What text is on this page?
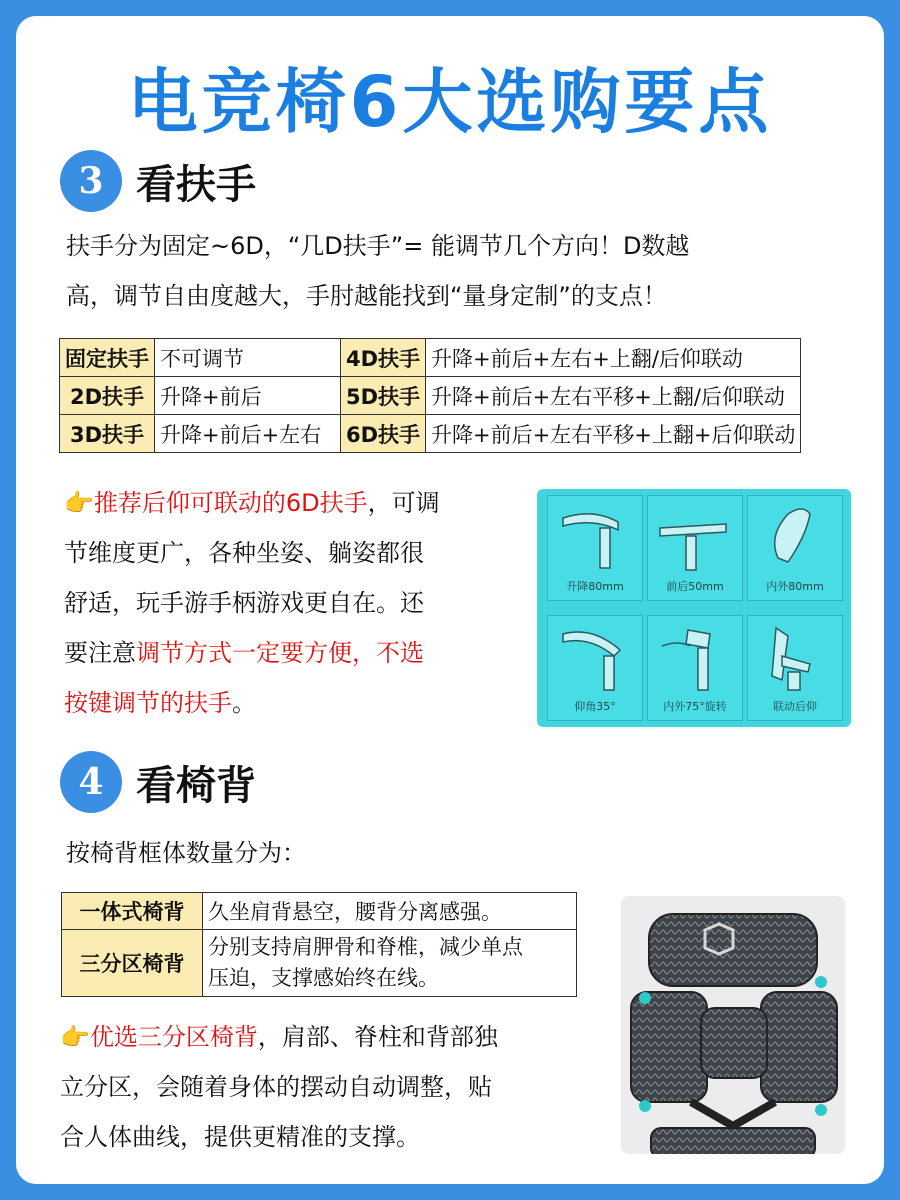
电竞椅6大选购要点
3 看扶手
扶手分为固定~6D，“几D扶手”= 能调节几个方向！D数越
高，调节自由度越大，手肘越能找到“量身定制”的支点！
固定扶手	不可调节	4D扶手	升降+前后+左右+上翻/后仰联动
2D扶手	升降+前后	5D扶手	升降+前后+左右平移+上翻/后仰联动
3D扶手	升降+前后+左右	6D扶手	升降+前后+左右平移+上翻+后仰联动
👉推荐后仰可联动的6D扶手，可调
节维度更广，各种坐姿、躺姿都很
舒适，玩手游手柄游戏更自在。还
要注意调节方式一定要方便，不选
按键调节的扶手。
升降80mm	前后50mm	内外80mm
仰角35°	内外75°旋转	联动后仰
4 看椅背
按椅背框体数量分为：
一体式椅背	久坐肩背悬空，腰背分离感强。

三分区椅背	分别支持肩胛骨和脊椎，减少单点
压迫，支撑感始终在线。
👉优选三分区椅背，肩部、脊柱和背部独
立分区，会随着身体的摆动自动调整，贴
合人体曲线，提供更精准的支撑。
